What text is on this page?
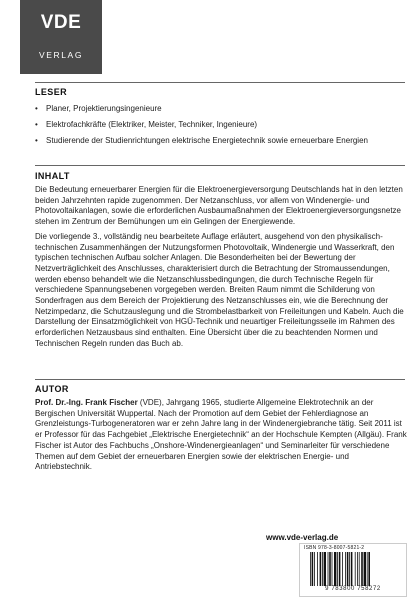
VDE
VERLAG

LESER

• Planer, Projektierungsingenieure
• Elektrofachkräfte (Elektriker, Meister, Techniker, Ingenieure)
• Studierende der Studienrichtungen elektrische Energietechnik sowie erneuerbare Energien

INHALT

Die Bedeutung erneuerbarer Energien für die Elektroenergieversorgung Deutschlands hat in den letzten beiden Jahrzehnten rapide zugenommen. Der Netzanschluss, vor allem von Windenergie- und Photovoltaikanlagen, sowie die erforderlichen Ausbaumaßnahmen der Elektroenergieversorgungsnetze stehen im Zentrum der Bemühungen um ein Gelingen der Energiewende.

Die vorliegende 3., vollständig neu bearbeitete Auflage erläutert, ausgehend von den physikalisch-technischen Zusammenhängen der Nutzungsformen Photovoltaik, Windenergie und Wasserkraft, den typischen technischen Aufbau solcher Anlagen. Die Besonderheiten bei der Bewertung der Netzverträglichkeit des Anschlusses, charakterisiert durch die Betrachtung der Stromaussendungen, werden ebenso behandelt wie die Netzanschlussbedingungen, die durch Technische Regeln für verschiedene Spannungsebenen vorgegeben werden. Breiten Raum nimmt die Schilderung von Sonderfragen aus dem Bereich der Projektierung des Netzanschlusses ein, wie die Berechnung der Netzimpedanz, die Schutzauslegung und die Strombelastbarkeit von Freileitungen und Kabeln. Auch die Darstellung der Einsatzmöglichkeit von HGÜ-Technik und neuartiger Freileitungsseile im Rahmen des erforderlichen Netzausbaus sind enthalten. Eine Übersicht über die zu beachtenden Normen und Technischen Regeln runden das Buch ab.

AUTOR

Prof. Dr.-Ing. Frank Fischer (VDE), Jahrgang 1965, studierte Allgemeine Elektrotechnik an der Bergischen Universität Wuppertal. Nach der Promotion auf dem Gebiet der Fehlerdiagnose an Grenzleistungs-Turbogeneratoren war er zehn Jahre lang in der Windenergiebranche tätig. Seit 2011 ist er Professor für das Fachgebiet „Elektrische Energietechnik“ an der Hochschule Kempten (Allgäu). Frank Fischer ist Autor des Fachbuchs „Onshore-Windenergieanlagen“ und Seminarleiter für verschiedene Themen auf dem Gebiet der erneuerbaren Energien sowie der elektrischen Energie- und Antriebstechnik.

www.vde-verlag.de
ISBN 978-3-8007-5821-2
9 783800 758272
